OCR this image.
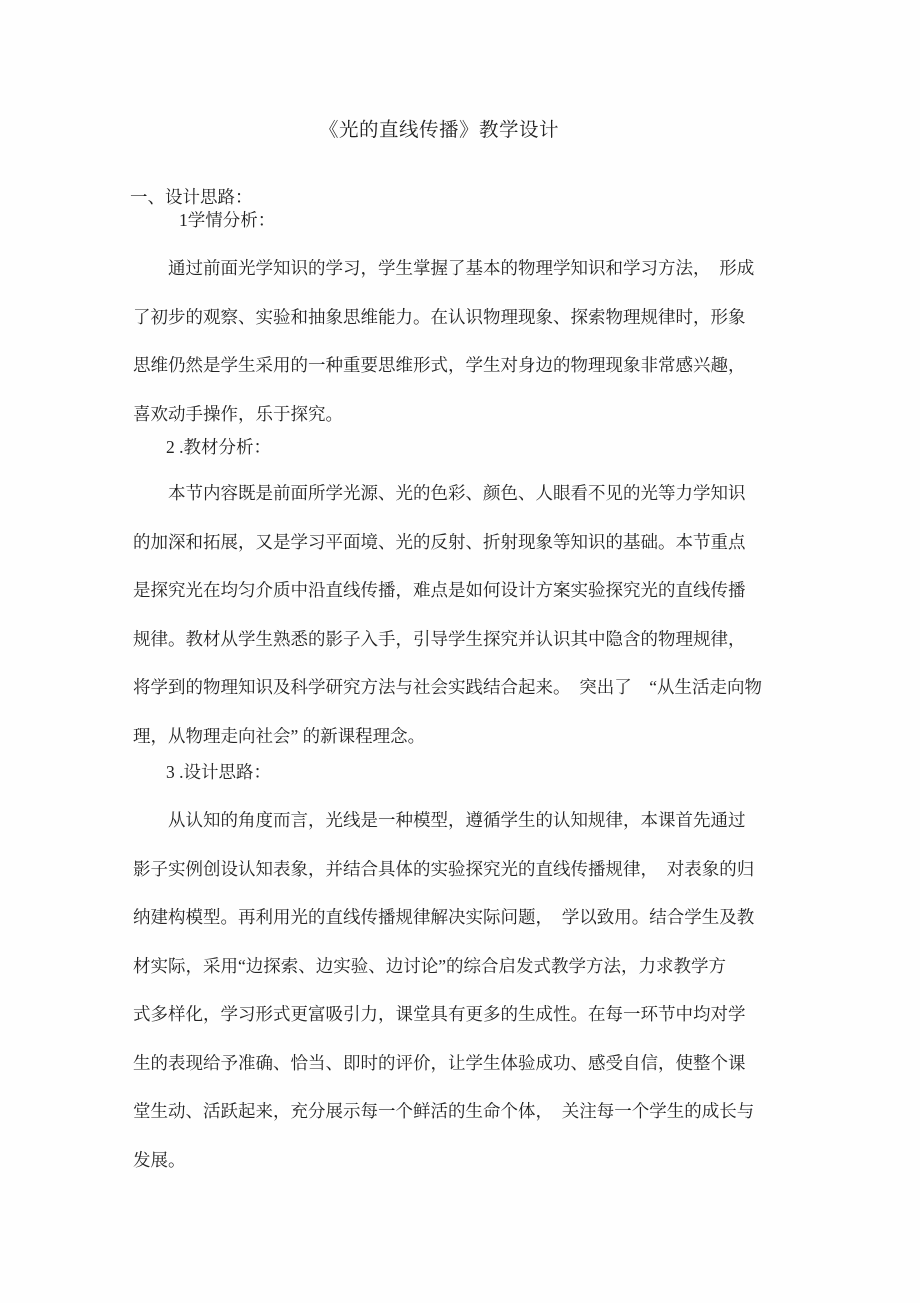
《光的直线传播》教学设计
一、设计思路：
1学情分析：
通过前面光学知识的学习，学生掌握了基本的物理学知识和学习方法，　形成
了初步的观察、实验和抽象思维能力。在认识物理现象、探索物理规律时，形象
思维仍然是学生采用的一种重要思维形式，学生对身边的物理现象非常感兴趣，
喜欢动手操作，乐于探究。
2 .教材分析：
本节内容既是前面所学光源、光的色彩、颜色、人眼看不见的光等力学知识
的加深和拓展，又是学习平面境、光的反射、折射现象等知识的基础。本节重点
是探究光在均匀介质中沿直线传播，难点是如何设计方案实验探究光的直线传播
规律。教材从学生熟悉的影子入手，引导学生探究并认识其中隐含的物理规律，
将学到的物理知识及科学研究方法与社会实践结合起来。　突出了　“从生活走向物
理，从物理走向社会” 的新课程理念。
3 .设计思路：
从认知的角度而言，光线是一种模型，遵循学生的认知规律，本课首先通过
影子实例创设认知表象，并结合具体的实验探究光的直线传播规律，　对表象的归
纳建构模型。再利用光的直线传播规律解决实际问题，　学以致用。结合学生及教
材实际，采用“边探索、边实验、边讨论”的综合启发式教学方法，力求教学方
式多样化，学习形式更富吸引力，课堂具有更多的生成性。在每一环节中均对学
生的表现给予准确、恰当、即时的评价，让学生体验成功、感受自信，使整个课
堂生动、活跃起来，充分展示每一个鲜活的生命个体，　关注每一个学生的成长与
发展。
